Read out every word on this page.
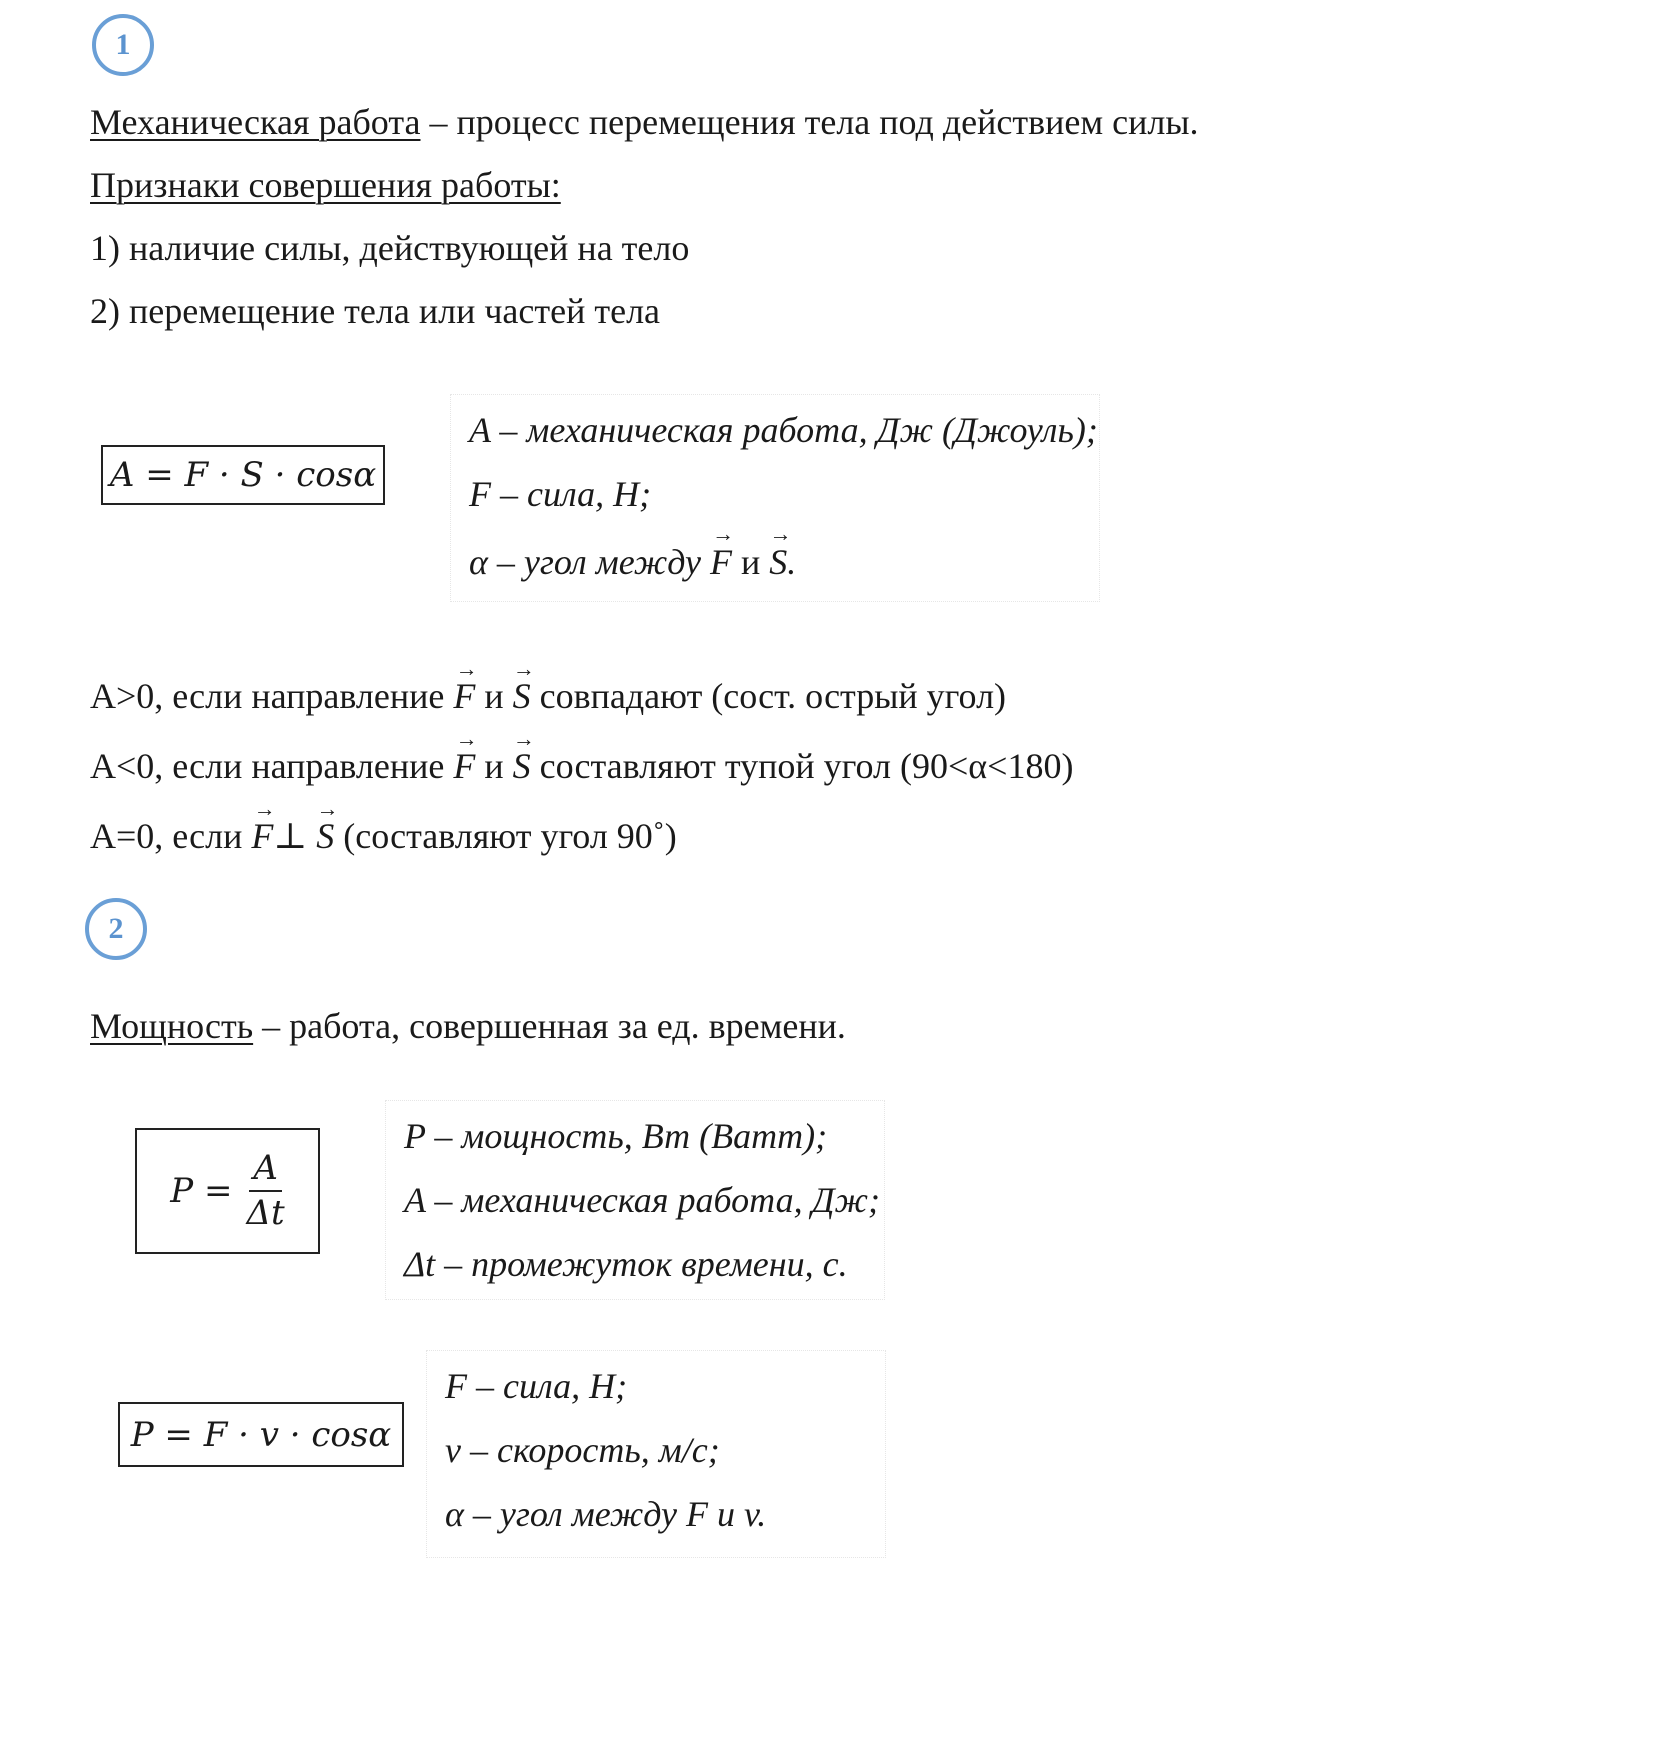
1
Механическая работа – процесс перемещения тела под действием силы.
Признаки совершения работы:
1) наличие силы, действующей на тело
2) перемещение тела или частей тела
A = F · S · cosα
A – механическая работа, Дж (Джоуль);
F – сила, Н;
α – угол между → F и → S.
A>0, если направление → F и → S совпадают (сост. острый угол)
A<0, если направление → F и → S составляют тупой угол (90<α<180)
A=0, если → F⊥ → S (составляют угол 90˚)
2
Мощность – работа, совершенная за ед. времени.
$P = \frac{A}{\Delta t}$
P – мощность, Вт (Ватт);
A – механическая работа, Дж;
Δt – промежуток времени, с.
P = F · v · cosα
F – сила, Н;
v – скорость, м/с;
α – угол между F и v.
